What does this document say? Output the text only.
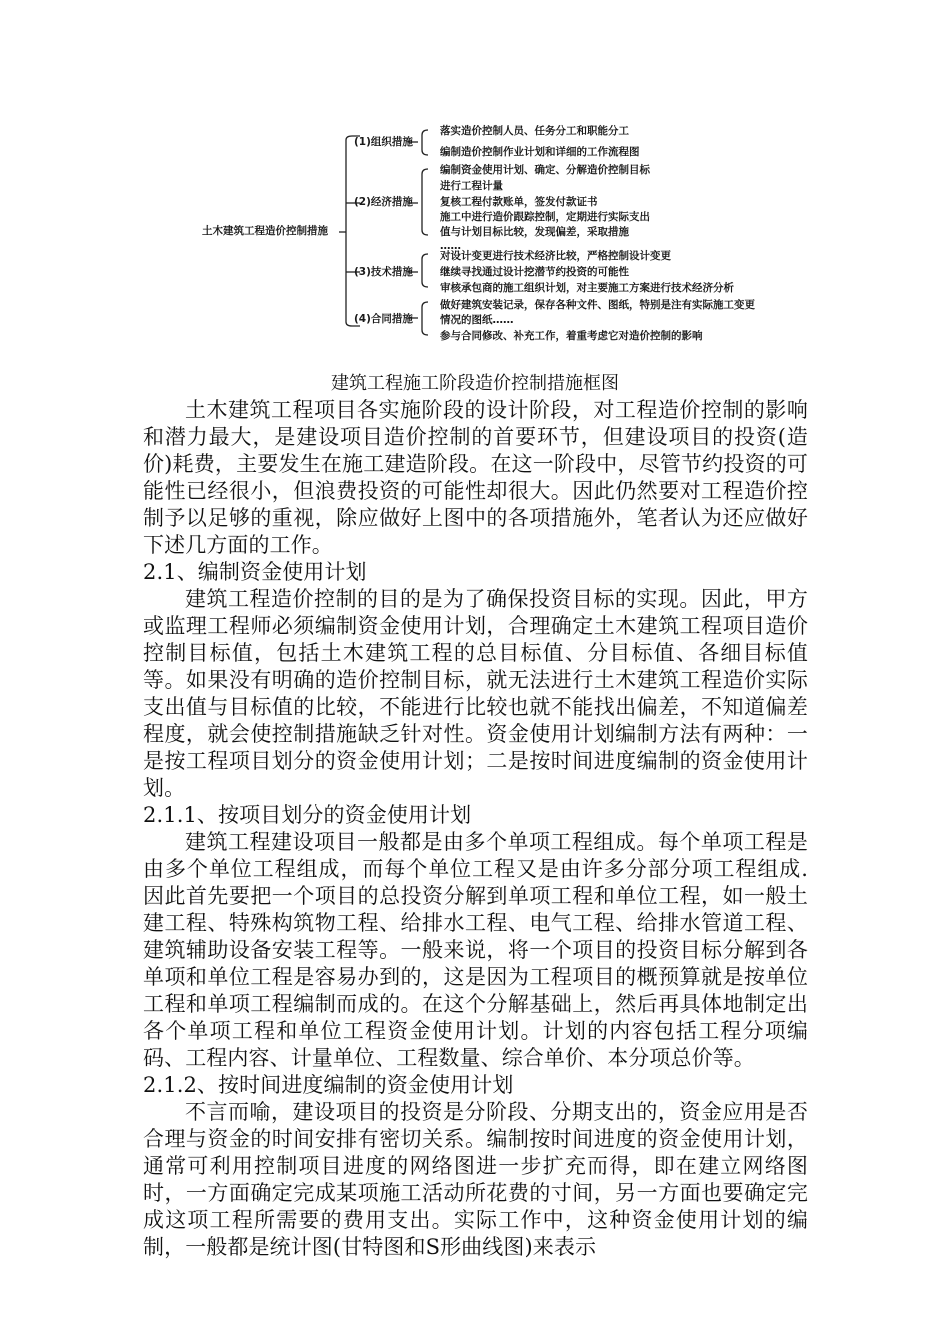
土木建筑工程造价控制措施
(1)组织措施
落实造价控制人员、任务分工和职能分工
编制造价控制作业计划和详细的工作流程图
(2)经济措施
编制资金使用计划、确定、分解造价控制目标
进行工程计量
复核工程付款账单，签发付款证书
施工中进行造价跟踪控制，定期进行实际支出
值与计划目标比较，发现偏差，采取措施
……
(3)技术措施
对设计变更进行技术经济比较，严格控制设计变更
继续寻找通过设计挖潜节约投资的可能性
审核承包商的施工组织计划，对主要施工方案进行技术经济分析
(4)合同措施
做好建筑安装记录，保存各种文件、图纸，特别是注有实际施工变更
情况的图纸……
参与合同修改、补充工作，着重考虑它对造价控制的影响
建筑工程施工阶段造价控制措施框图

土木建筑工程项目各实施阶段的设计阶段，对工程造价控制的影响和潜力最大，是建设项目造价控制的首要环节，但建设项目的投资(造价)耗费，主要发生在施工建造阶段。在这一阶段中，尽管节约投资的可能性已经很小，但浪费投资的可能性却很大。因此仍然要对工程造价控制予以足够的重视，除应做好上图中的各项措施外，笔者认为还应做好下述几方面的工作。

2.1、编制资金使用计划

建筑工程造价控制的目的是为了确保投资目标的实现。因此，甲方或监理工程师必须编制资金使用计划，合理确定土木建筑工程项目造价控制目标值，包括土木建筑工程的总目标值、分目标值、各细目标值等。如果没有明确的造价控制目标，就无法进行土木建筑工程造价实际支出值与目标值的比较，不能进行比较也就不能找出偏差，不知道偏差程度，就会使控制措施缺乏针对性。资金使用计划编制方法有两种：一是按工程项目划分的资金使用计划；二是按时间进度编制的资金使用计划。

2.1.1、按项目划分的资金使用计划

建筑工程建设项目一般都是由多个单项工程组成。每个单项工程是由多个单位工程组成，而每个单位工程又是由许多分部分项工程组成. 因此首先要把一个项目的总投资分解到单项工程和单位工程，如一般土建工程、特殊构筑物工程、给排水工程、电气工程、给排水管道工程、建筑辅助设备安装工程等。一般来说，将一个项目的投资目标分解到各单项和单位工程是容易办到的，这是因为工程项目的概预算就是按单位工程和单项工程编制而成的。在这个分解基础上，然后再具体地制定出各个单项工程和单位工程资金使用计划。计划的内容包括工程分项编码、工程内容、计量单位、工程数量、综合单价、本分项总价等。

2.1.2、按时间进度编制的资金使用计划

不言而喻，建设项目的投资是分阶段、分期支出的，资金应用是否合理与资金的时间安排有密切关系。编制按时间进度的资金使用计划，通常可利用控制项目进度的网络图进一步扩充而得，即在建立网络图时，一方面确定完成某项施工活动所花费的寸间，另一方面也要确定完成这项工程所需要的费用支出。实际工作中，这种资金使用计划的编制，一般都是统计图(甘特图和S形曲线图)来表示
